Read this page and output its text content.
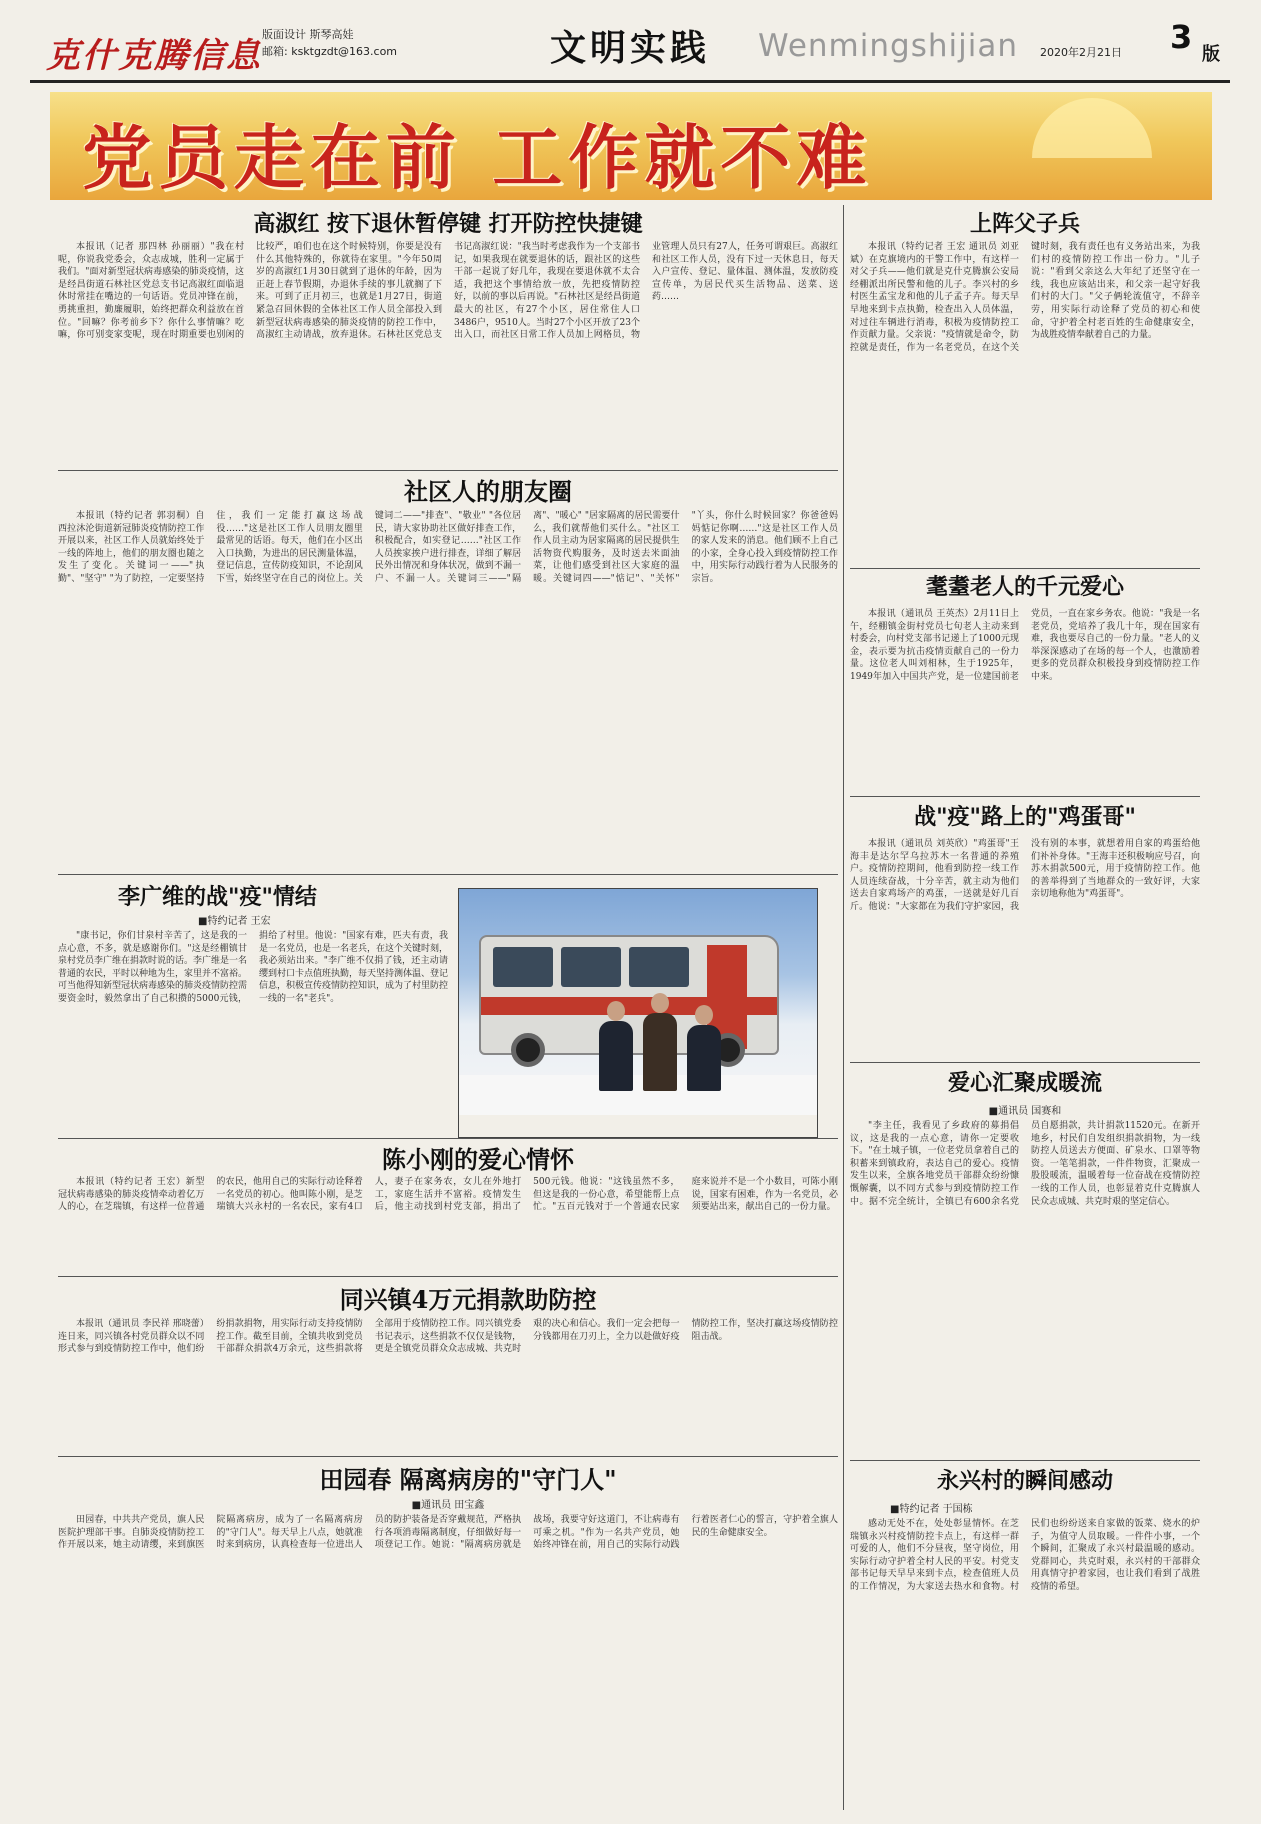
克什克腾信息
版面设计 斯琴高娃
邮箱: ksktgzdt@163.com	文明实践 Wenmingshijian 2020年2月21日 3 版
党员走在前 工作就不难
高淑红 按下退休暂停键 打开防控快捷键

本报讯（记者 那四林 孙丽丽）"我在村呢，你说我党委会，众志成城，胜利一定属于我们。"面对新型冠状病毒感染的肺炎疫情，这是经昌街道石林社区党总支书记高淑红面临退休时常挂在嘴边的一句话语。党员冲锋在前，勇挑重担，勤廉履职，始终把群众利益放在首位。"回嘛？你考前乡下？你什么事情嘛？吃嘛，你可别变家变呢，现在时期重要也别闲的比较严，咱们也在这个时候特别，你要是没有什么其他特殊的，你就待在家里。"今年50周岁的高淑红1月30日就到了退休的年龄，因为正赶上春节假期，办退休手续的事儿就搁了下来。可到了正月初三，也就是1月27日，街道紧急召回休假的全体社区工作人员全部投入到新型冠状病毒感染的肺炎疫情的防控工作中，高淑红主动请战，放弃退休。石林社区党总支书记高淑红说："我当时考虑我作为一个支部书记，如果我现在就要退休的话，跟社区的这些干部一起说了好几年，我现在要退休就不太合适，我把这个事情给放一放，先把疫情防控好，以前的事以后再说。"石林社区是经昌街道最大的社区，有27个小区，居住常住人口3486户，9510人。当时27个小区开放了23个出入口，而社区日常工作人员加上网格员，物业管理人员只有27人，任务可谓艰巨。高淑红和社区工作人员，没有下过一天休息日，每天入户宣传、登记、量体温、测体温，发放防疫宣传单，为居民代买生活物品、送菜、送药……

上阵父子兵

本报讯（特约记者 王宏 通讯员 刘亚斌）在克旗境内的干警工作中，有这样一对父子兵——他们就是克什克腾旗公安局经棚派出所民警和他的儿子。李兴村的乡村医生孟宝龙和他的儿子孟子卉。每天早早地来到卡点执勤，检查出入人员体温，对过往车辆进行消毒，积极为疫情防控工作贡献力量。父亲说："疫情就是命令，防控就是责任，作为一名老党员，在这个关键时刻，我有责任也有义务站出来，为我们村的疫情防控工作出一份力。"儿子说："看到父亲这么大年纪了还坚守在一线，我也应该站出来，和父亲一起守好我们村的大门。"父子俩轮流值守，不辞辛劳，用实际行动诠释了党员的初心和使命，守护着全村老百姓的生命健康安全，为战胜疫情奉献着自己的力量。

社区人的朋友圈

本报讯（特约记者 郭羽桐）自西拉沐沦街道新冠肺炎疫情防控工作开展以来，社区工作人员就始终处于一线的阵地上，他们的朋友圈也随之发生了变化。关键词一——"执勤"、"坚守" "为了防控，一定要坚持住，我们一定能打赢这场战役……"这是社区工作人员朋友圈里最常见的话语。每天，他们在小区出入口执勤，为进出的居民测量体温，登记信息，宣传防疫知识，不论刮风下雪，始终坚守在自己的岗位上。关键词二——"排查"、"敬业" "各位居民，请大家协助社区做好排查工作，积极配合，如实登记……"社区工作人员挨家挨户进行排查，详细了解居民外出情况和身体状况，做到不漏一户、不漏一人。关键词三——"隔离"、"暖心" "居家隔离的居民需要什么，我们就帮他们买什么。"社区工作人员主动为居家隔离的居民提供生活物资代购服务，及时送去米面油菜，让他们感受到社区大家庭的温暖。关键词四——"惦记"、"关怀" "丫头，你什么时候回家？你爸爸妈妈惦记你啊……"这是社区工作人员的家人发来的消息。他们顾不上自己的小家，全身心投入到疫情防控工作中，用实际行动践行着为人民服务的宗旨。	耄耋老人的千元爱心

本报讯（通讯员 王英杰）2月11日上午，经棚镇金街村党员七旬老人主动来到村委会，向村党支部书记递上了1000元现金，表示要为抗击疫情贡献自己的一份力量。这位老人叫刘相林，生于1925年，1949年加入中国共产党，是一位建国前老党员，一直在家乡务农。他说："我是一名老党员，党培养了我几十年，现在国家有难，我也要尽自己的一份力量。"老人的义举深深感动了在场的每一个人，也激励着更多的党员群众积极投身到疫情防控工作中来。

战"疫"路上的"鸡蛋哥"

本报讯（通讯员 刘英欣）"鸡蛋哥"王海丰是达尔罕乌拉苏木一名普通的养殖户。疫情防控期间，他看到防控一线工作人员连续奋战，十分辛苦，就主动为他们送去自家鸡场产的鸡蛋，一送就是好几百斤。他说："大家都在为我们守护家园，我没有别的本事，就想着用自家的鸡蛋给他们补补身体。"王海丰还积极响应号召，向苏木捐款500元，用于疫情防控工作。他的善举得到了当地群众的一致好评，大家亲切地称他为"鸡蛋哥"。

李广维的战"疫"情结
■特约记者 王宏

"康书记，你们甘泉村辛苦了，这是我的一点心意，不多，就是感谢你们。"这是经棚镇甘泉村党员李广维在捐款时说的话。李广维是一名普通的农民，平时以种地为生，家里并不富裕。可当他得知新型冠状病毒感染的肺炎疫情防控需要资金时，毅然拿出了自己积攒的5000元钱，捐给了村里。他说："国家有难，匹夫有责，我是一名党员，也是一名老兵，在这个关键时刻，我必须站出来。"李广维不仅捐了钱，还主动请缨到村口卡点值班执勤，每天坚持测体温、登记信息，积极宣传疫情防控知识，成为了村里防控一线的一名"老兵"。

爱心汇聚成暖流
■通讯员 国赛和

"李主任，我看见了乡政府的募捐倡议，这是我的一点心意，请你一定要收下。"在土城子镇，一位老党员拿着自己的积蓄来到镇政府，表达自己的爱心。疫情发生以来，全旗各地党员干部群众纷纷慷慨解囊，以不同方式参与到疫情防控工作中。据不完全统计，全镇已有600余名党员自愿捐款，共计捐款11520元。在新开地乡，村民们自发组织捐款捐物，为一线防控人员送去方便面、矿泉水、口罩等物资。一笔笔捐款，一件件物资，汇聚成一股股暖流，温暖着每一位奋战在疫情防控一线的工作人员，也彰显着克什克腾旗人民众志成城、共克时艰的坚定信心。

陈小刚的爱心情怀

本报讯（特约记者 王宏）新型冠状病毒感染的肺炎疫情牵动着亿万人的心，在芝瑞镇，有这样一位普通的农民，他用自己的实际行动诠释着一名党员的初心。他叫陈小刚，是芝瑞镇大兴永村的一名农民，家有4口人，妻子在家务农，女儿在外地打工，家庭生活并不富裕。疫情发生后，他主动找到村党支部，捐出了500元钱。他说："这钱虽然不多，但这是我的一份心意，希望能帮上点忙。"五百元钱对于一个普通农民家庭来说并不是一个小数目，可陈小刚说，国家有困难，作为一名党员，必须要站出来，献出自己的一份力量。

同兴镇4万元捐款助防控

本报讯（通讯员 李民祥 邢晓蕾）连日来，同兴镇各村党员群众以不同形式参与到疫情防控工作中，他们纷纷捐款捐物，用实际行动支持疫情防控工作。截至目前，全镇共收到党员干部群众捐款4万余元，这些捐款将全部用于疫情防控工作。同兴镇党委书记表示，这些捐款不仅仅是钱物，更是全镇党员群众众志成城、共克时艰的决心和信心。我们一定会把每一分钱都用在刀刃上，全力以赴做好疫情防控工作，坚决打赢这场疫情防控阻击战。

田园春 隔离病房的"守门人"
■通讯员 田宝鑫

田园春，中共共产党员，旗人民医院护理部干事。自肺炎疫情防控工作开展以来，她主动请缨，来到旗医院隔离病房，成为了一名隔离病房的"守门人"。每天早上八点，她就准时来到病房，认真检查每一位进出人员的防护装备是否穿戴规范，严格执行各项消毒隔离制度，仔细做好每一项登记工作。她说："隔离病房就是战场，我要守好这道门，不让病毒有可乘之机。"作为一名共产党员，她始终冲锋在前，用自己的实际行动践行着医者仁心的誓言，守护着全旗人民的生命健康安全。

永兴村的瞬间感动
■特约记者 于国栋

感动无处不在，处处彰显情怀。在芝瑞镇永兴村疫情防控卡点上，有这样一群可爱的人，他们不分昼夜，坚守岗位，用实际行动守护着全村人民的平安。村党支部书记每天早早来到卡点，检查值班人员的工作情况，为大家送去热水和食物。村民们也纷纷送来自家做的饭菜、烧水的炉子，为值守人员取暖。一件件小事，一个个瞬间，汇聚成了永兴村最温暖的感动。党群同心，共克时艰，永兴村的干部群众用真情守护着家园，也让我们看到了战胜疫情的希望。
